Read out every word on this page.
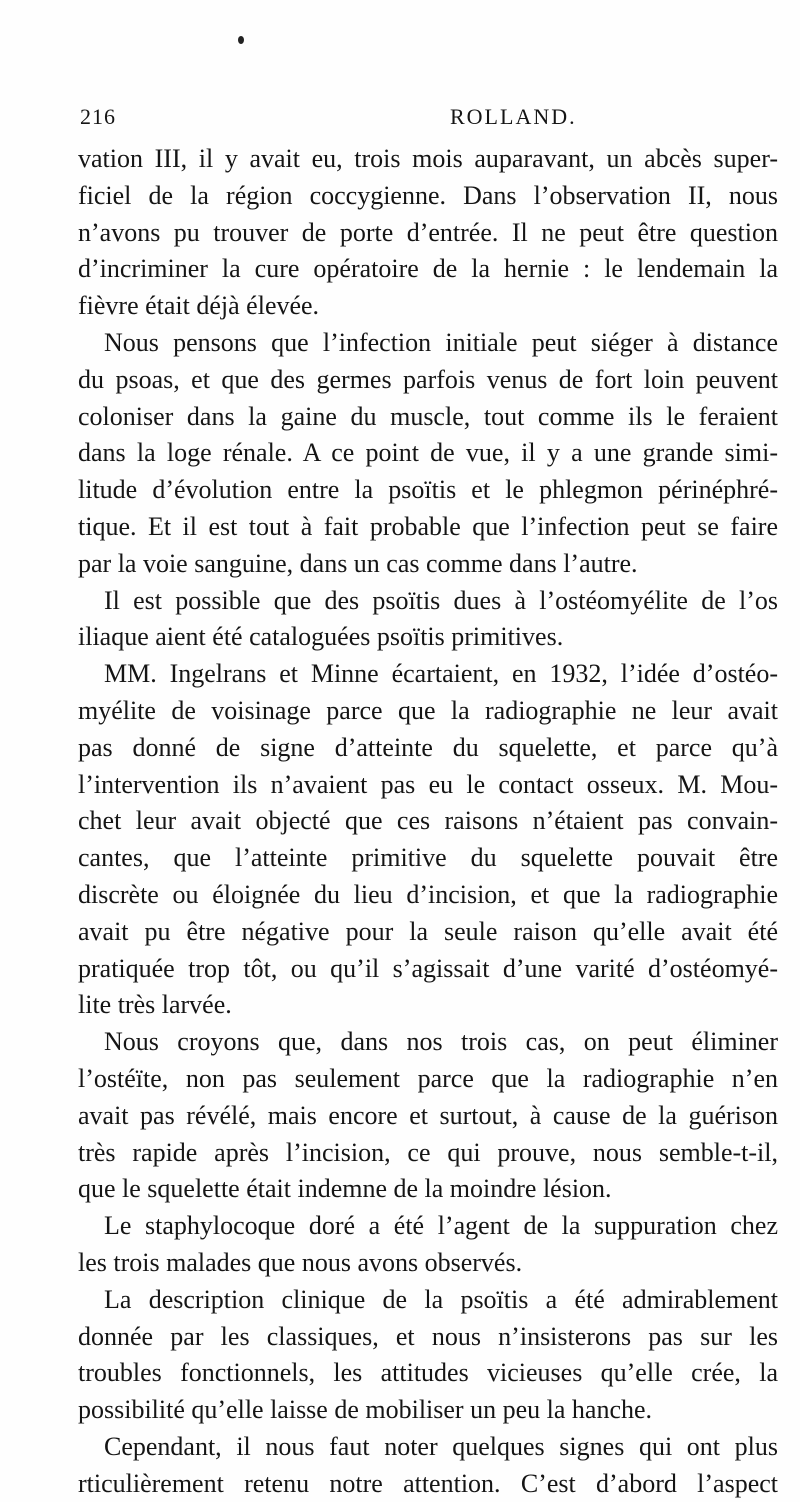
216	ROLLAND.
vation III, il y avait eu, trois mois auparavant, un abcès super-
ficiel de la région coccygienne. Dans l’observation II, nous
n’avons pu trouver de porte d’entrée. Il ne peut être question
d’incriminer la cure opératoire de la hernie : le lendemain la
fièvre était déjà élevée.
Nous pensons que l’infection initiale peut siéger à distance
du psoas, et que des germes parfois venus de fort loin peuvent
coloniser dans la gaine du muscle, tout comme ils le feraient
dans la loge rénale. A ce point de vue, il y a une grande simi-
litude d’évolution entre la psoïtis et le phlegmon périnéphré-
tique. Et il est tout à fait probable que l’infection peut se faire
par la voie sanguine, dans un cas comme dans l’autre.
Il est possible que des psoïtis dues à l’ostéomyélite de l’os
iliaque aient été cataloguées psoïtis primitives.
MM. Ingelrans et Minne écartaient, en 1932, l’idée d’ostéo-
myélite de voisinage parce que la radiographie ne leur avait
pas donné de signe d’atteinte du squelette, et parce qu’à
l’intervention ils n’avaient pas eu le contact osseux. M. Mou-
chet leur avait objecté que ces raisons n’étaient pas convain-
cantes, que l’atteinte primitive du squelette pouvait être
discrète ou éloignée du lieu d’incision, et que la radiographie
avait pu être négative pour la seule raison qu’elle avait été
pratiquée trop tôt, ou qu’il s’agissait d’une varité d’ostéomyé-
lite très larvée.
Nous croyons que, dans nos trois cas, on peut éliminer
l’ostéïte, non pas seulement parce que la radiographie n’en
avait pas révélé, mais encore et surtout, à cause de la guérison
très rapide après l’incision, ce qui prouve, nous semble-t-il,
que le squelette était indemne de la moindre lésion.
Le staphylocoque doré a été l’agent de la suppuration chez
les trois malades que nous avons observés.
La description clinique de la psoïtis a été admirablement
donnée par les classiques, et nous n’insisterons pas sur les
troubles fonctionnels, les attitudes vicieuses qu’elle crée, la
possibilité qu’elle laisse de mobiliser un peu la hanche.
Cependant, il nous faut noter quelques signes qui ont plus
rticulièrement retenu notre attention. C’est d’abord l’aspect
